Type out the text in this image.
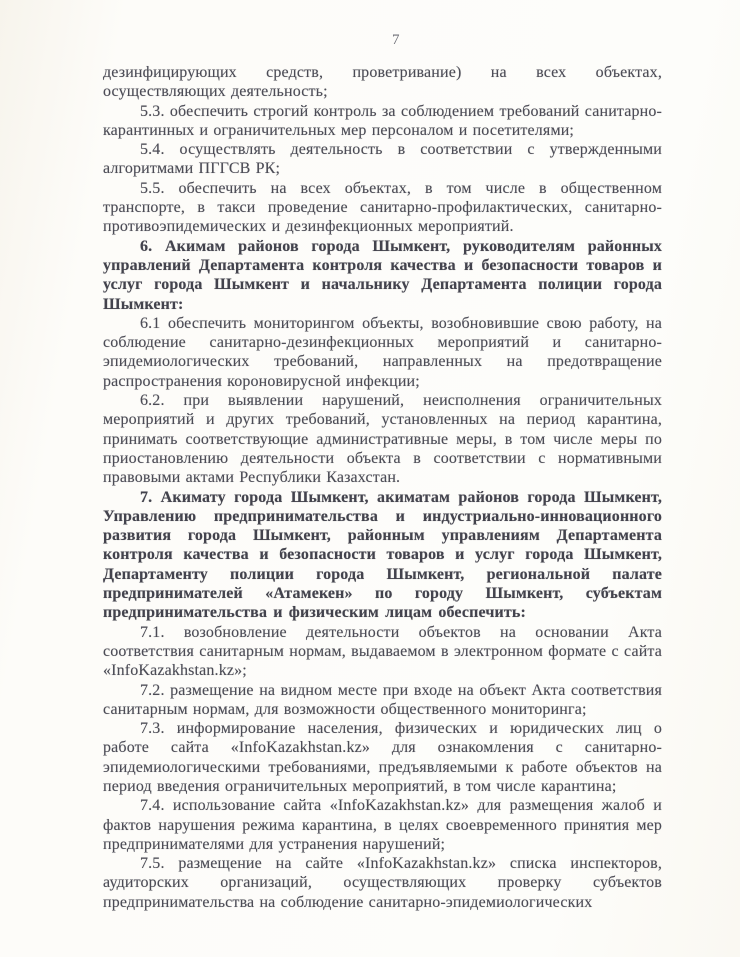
7

дезинфицирующих средств, проветривание) на всех объектах, осуществляющих деятельность;

5.3. обеспечить строгий контроль за соблюдением требований санитарно-карантинных и ограничительных мер персоналом и посетителями;

5.4. осуществлять деятельность в соответствии с утвержденными алгоритмами ПГГСВ РК;

5.5. обеспечить на всех объектах, в том числе в общественном транспорте, в такси проведение санитарно-профилактических, санитарно-противоэпидемических и дезинфекционных мероприятий.

6. Акимам районов города Шымкент, руководителям районных управлений Департамента контроля качества и безопасности товаров и услуг города Шымкент и начальнику Департамента полиции города Шымкент:

6.1 обеспечить мониторингом объекты, возобновившие свою работу, на соблюдение санитарно-дезинфекционных мероприятий и санитарно-эпидемиологических требований, направленных на предотвращение распространения короновирусной инфекции;

6.2. при выявлении нарушений, неисполнения ограничительных мероприятий и других требований, установленных на период карантина, принимать соответствующие административные меры, в том числе меры по приостановлению деятельности объекта в соответствии с нормативными правовыми актами Республики Казахстан.

7. Акимату города Шымкент, акиматам районов города Шымкент, Управлению предпринимательства и индустриально-инновационного развития города Шымкент, районным управлениям Департамента контроля качества и безопасности товаров и услуг города Шымкент, Департаменту полиции города Шымкент, региональной палате предпринимателей «Атамекен» по городу Шымкент, субъектам предпринимательства и физическим лицам обеспечить:

7.1. возобновление деятельности объектов на основании Акта соответствия санитарным нормам, выдаваемом в электронном формате с сайта «InfoKazakhstan.kz»;

7.2. размещение на видном месте при входе на объект Акта соответствия санитарным нормам, для возможности общественного мониторинга;

7.3. информирование населения, физических и юридических лиц о работе сайта «InfoKazakhstan.kz» для ознакомления с санитарно-эпидемиологическими требованиями, предъявляемыми к работе объектов на период введения ограничительных мероприятий, в том числе карантина;

7.4. использование сайта «InfoKazakhstan.kz» для размещения жалоб и фактов нарушения режима карантина, в целях своевременного принятия мер предпринимателями для устранения нарушений;

7.5. размещение на сайте «InfoKazakhstan.kz» списка инспекторов, аудиторских организаций, осуществляющих проверку субъектов предпринимательства на соблюдение санитарно-эпидемиологических
